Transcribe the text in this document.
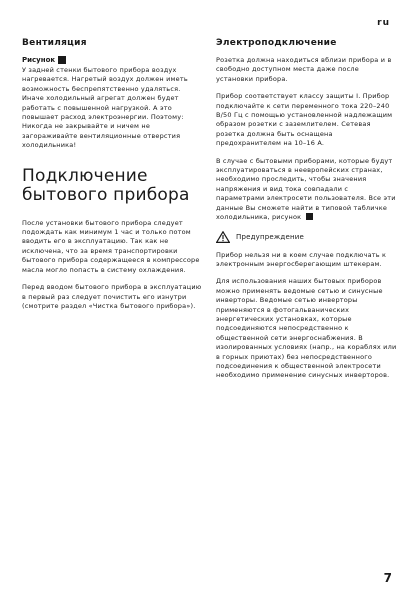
ru
Вентиляция
Рисунок

У задней стенки бытового прибора воздух нагревается. Нагретый воздух должен иметь возможность беспрепятственно удаляться. Иначе холодильный агрегат должен будет работать с повышенной нагрузкой. А это повышает расход электроэнергии. Поэтому: Никогда не закрывайте и ничем не загораживайте вентиляционные отверстия холодильника!

Подключение бытового прибора

После установки бытового прибора следует подождать как минимум 1 час и только потом вводить его в эксплуатацию. Так как не исключена, что за время транспортировки бытового прибора содержащееся в компрессоре масла могло попасть в систему охлаждения.

Перед вводом бытового прибора в эксплуатацию в первый раз следует почистить его изнутри (смотрите раздел «Чистка бытового прибора»).

Электроподключение

Розетка должна находиться вблизи прибора и в свободно доступном места даже после установки прибора.

Прибор соответствует классу защиты I. Прибор подключайте к сети переменного тока 220–240 В/50 Гц с помощью установленной надлежащим образом розетки с заземлителем. Сетевая розетка должна быть оснащена предохранителем на 10–16 A.

В случае с бытовыми приборами, которые будут эксплуатироваться в неевропейских странах, необходимо проследить, чтобы значения напряжения и вид тока совпадали с параметрами электросети пользователя. Все эти данные Вы сможете найти в типовой табличке холодильника, рисунок

Предупреждение

Прибор нельзя ни в коем случае подключать к электронным энергосберегающим штекерам.

Для использования наших бытовых приборов можно применять ведомые сетью и синусные инверторы. Ведомые сетью инверторы применяются в фотогальванических энергетических установках, которые подсоединяются непосредственно к общественной сети энергоснабжения. В изолированных условиях (напр., на кораблях или в горных приютах) без непосредственного подсоединения к общественной электросети необходимо применение синусных инверторов.

7
